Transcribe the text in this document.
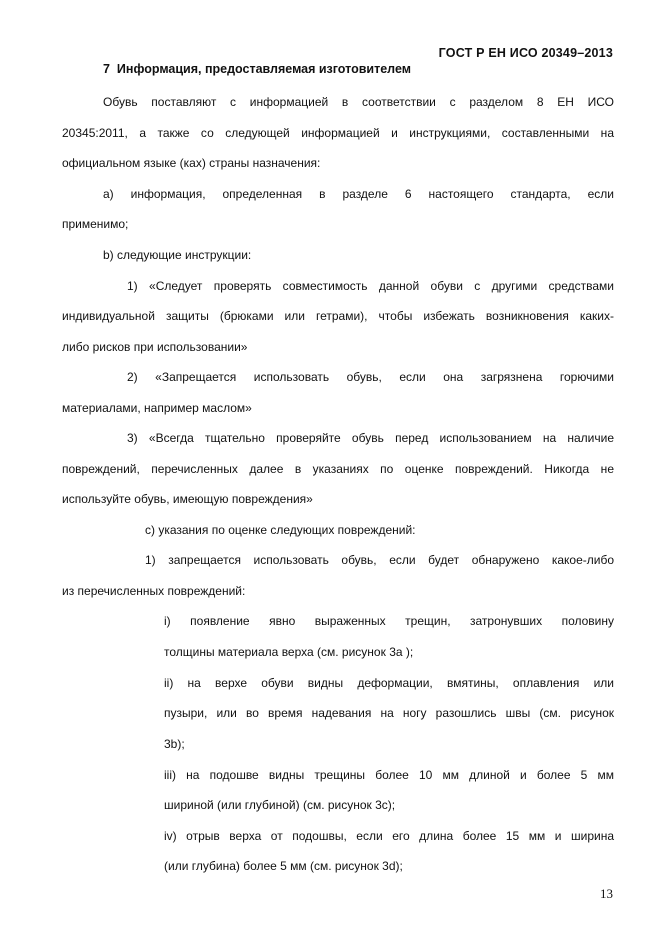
ГОСТ Р ЕН ИСО 20349–2013
7 Информация, предоставляемая изготовителем
Обувь поставляют с информацией в соответствии с разделом 8 ЕН ИСО
20345:2011, а также со следующей информацией и инструкциями, составленными на
официальном языке (ках) страны назначения:
a) информация, определенная в разделе 6 настоящего стандарта, если
применимо;
b) следующие инструкции:
1) «Следует проверять совместимость данной обуви с другими средствами
индивидуальной защиты (брюками или гетрами), чтобы избежать возникновения каких-
либо рисков при использовании»
2) «Запрещается использовать обувь, если она загрязнена горючими
материалами, например маслом»
3) «Всегда тщательно проверяйте обувь перед использованием на наличие
повреждений, перечисленных далее в указаниях по оценке повреждений. Никогда не
используйте обувь, имеющую повреждения»
c) указания по оценке следующих повреждений:
1) запрещается использовать обувь, если будет обнаружено какое-либо
из перечисленных повреждений:
i) появление явно выраженных трещин, затронувших половину
толщины материала верха (см. рисунок 3а );
ii) на верхе обуви видны деформации, вмятины, оплавления или
пузыри, или во время надевания на ногу разошлись швы (см. рисунок
3b);
iii) на подошве видны трещины более 10 мм длиной и более 5 мм
шириной (или глубиной) (см. рисунок 3с);
iv) отрыв верха от подошвы, если его длина более 15 мм и ширина
(или глубина) более 5 мм (см. рисунок 3d);
13
